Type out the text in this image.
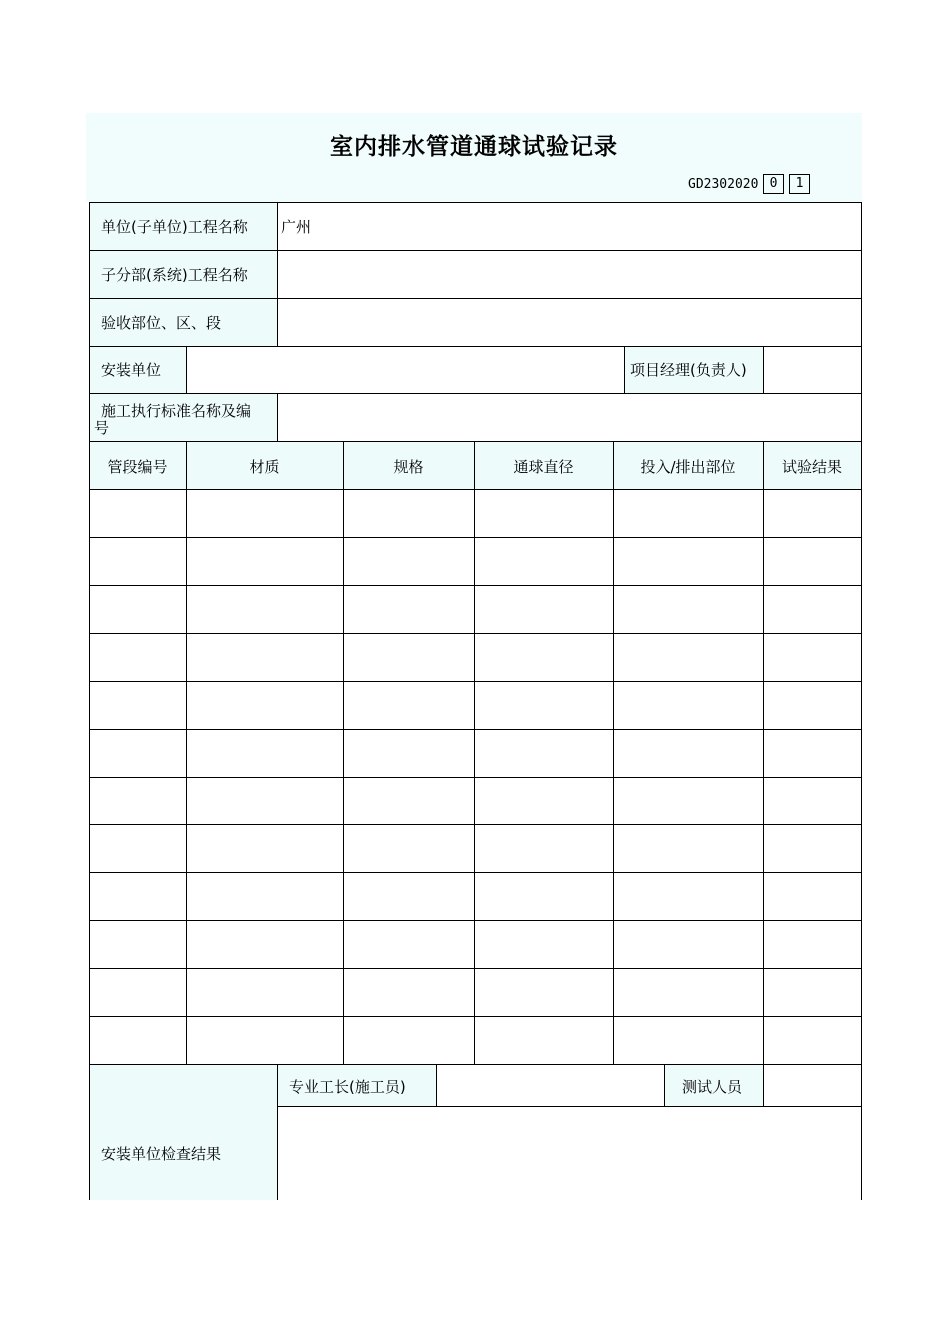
室内排水管道通球试验记录
GD2302020 0	1
单位(子单位)工程名称 广州
子分部(系统)工程名称
验收部位、区、段
安装单位	项目经理(负责人)
施工执行标准名称及编
号
管段编号	材质	规格	通球直径	投入/排出部位	试验结果
专业工长(施工员)	测试人员
安装单位检查结果
